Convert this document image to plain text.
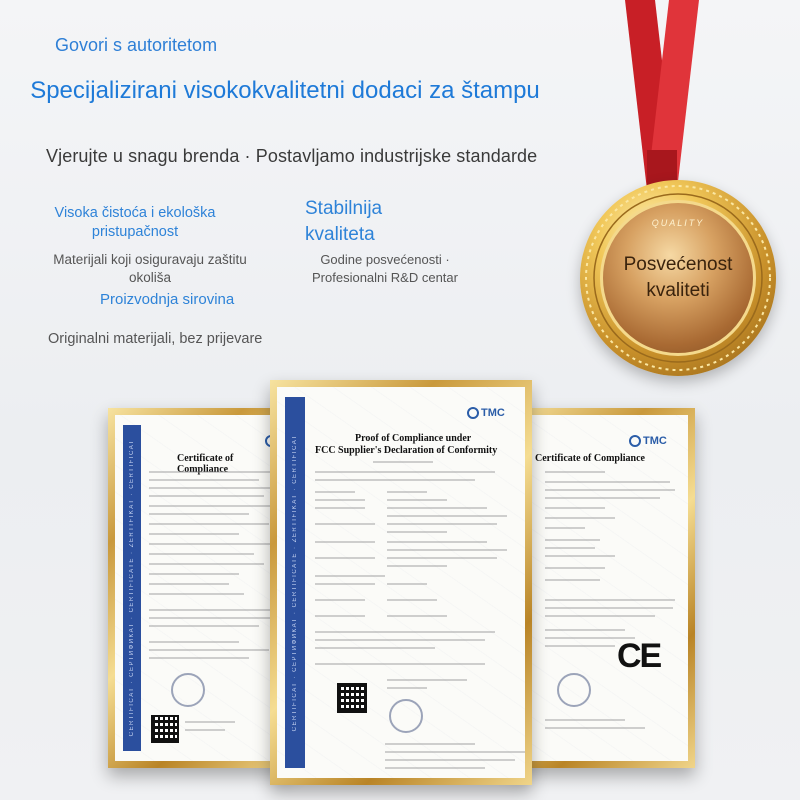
Govori s autoritetom
Specijalizirani visokokvalitetni dodaci za štampu
Vjerujte u snagu brenda · Postavljamo industrijske standarde
Visoka čistoća i ekološka pristupačnost
Materijali koji osiguravaju zaštitu okoliša
Proizvodnja sirovina
Originalni materijali, bez prijevare
Stabilnija kvaliteta
Godine posvećenosti · Profesionalni R&D centar
QUALITY
Posvećenost kvaliteti
CERTIFICAT · СЕРТИФИКАТ · CERTIFICATE · ZERTIFIKAT · CERTIFICAT	Certificate of Compliance
TMC
Certificate of Compliance
CE
CERTIFICAT · СЕРТИФИКАТ · CERTIFICATE · ZERTIFIKAT · CERTIFICAT
TMC
Proof of Compliance under
FCC Supplier's Declaration of Conformity
